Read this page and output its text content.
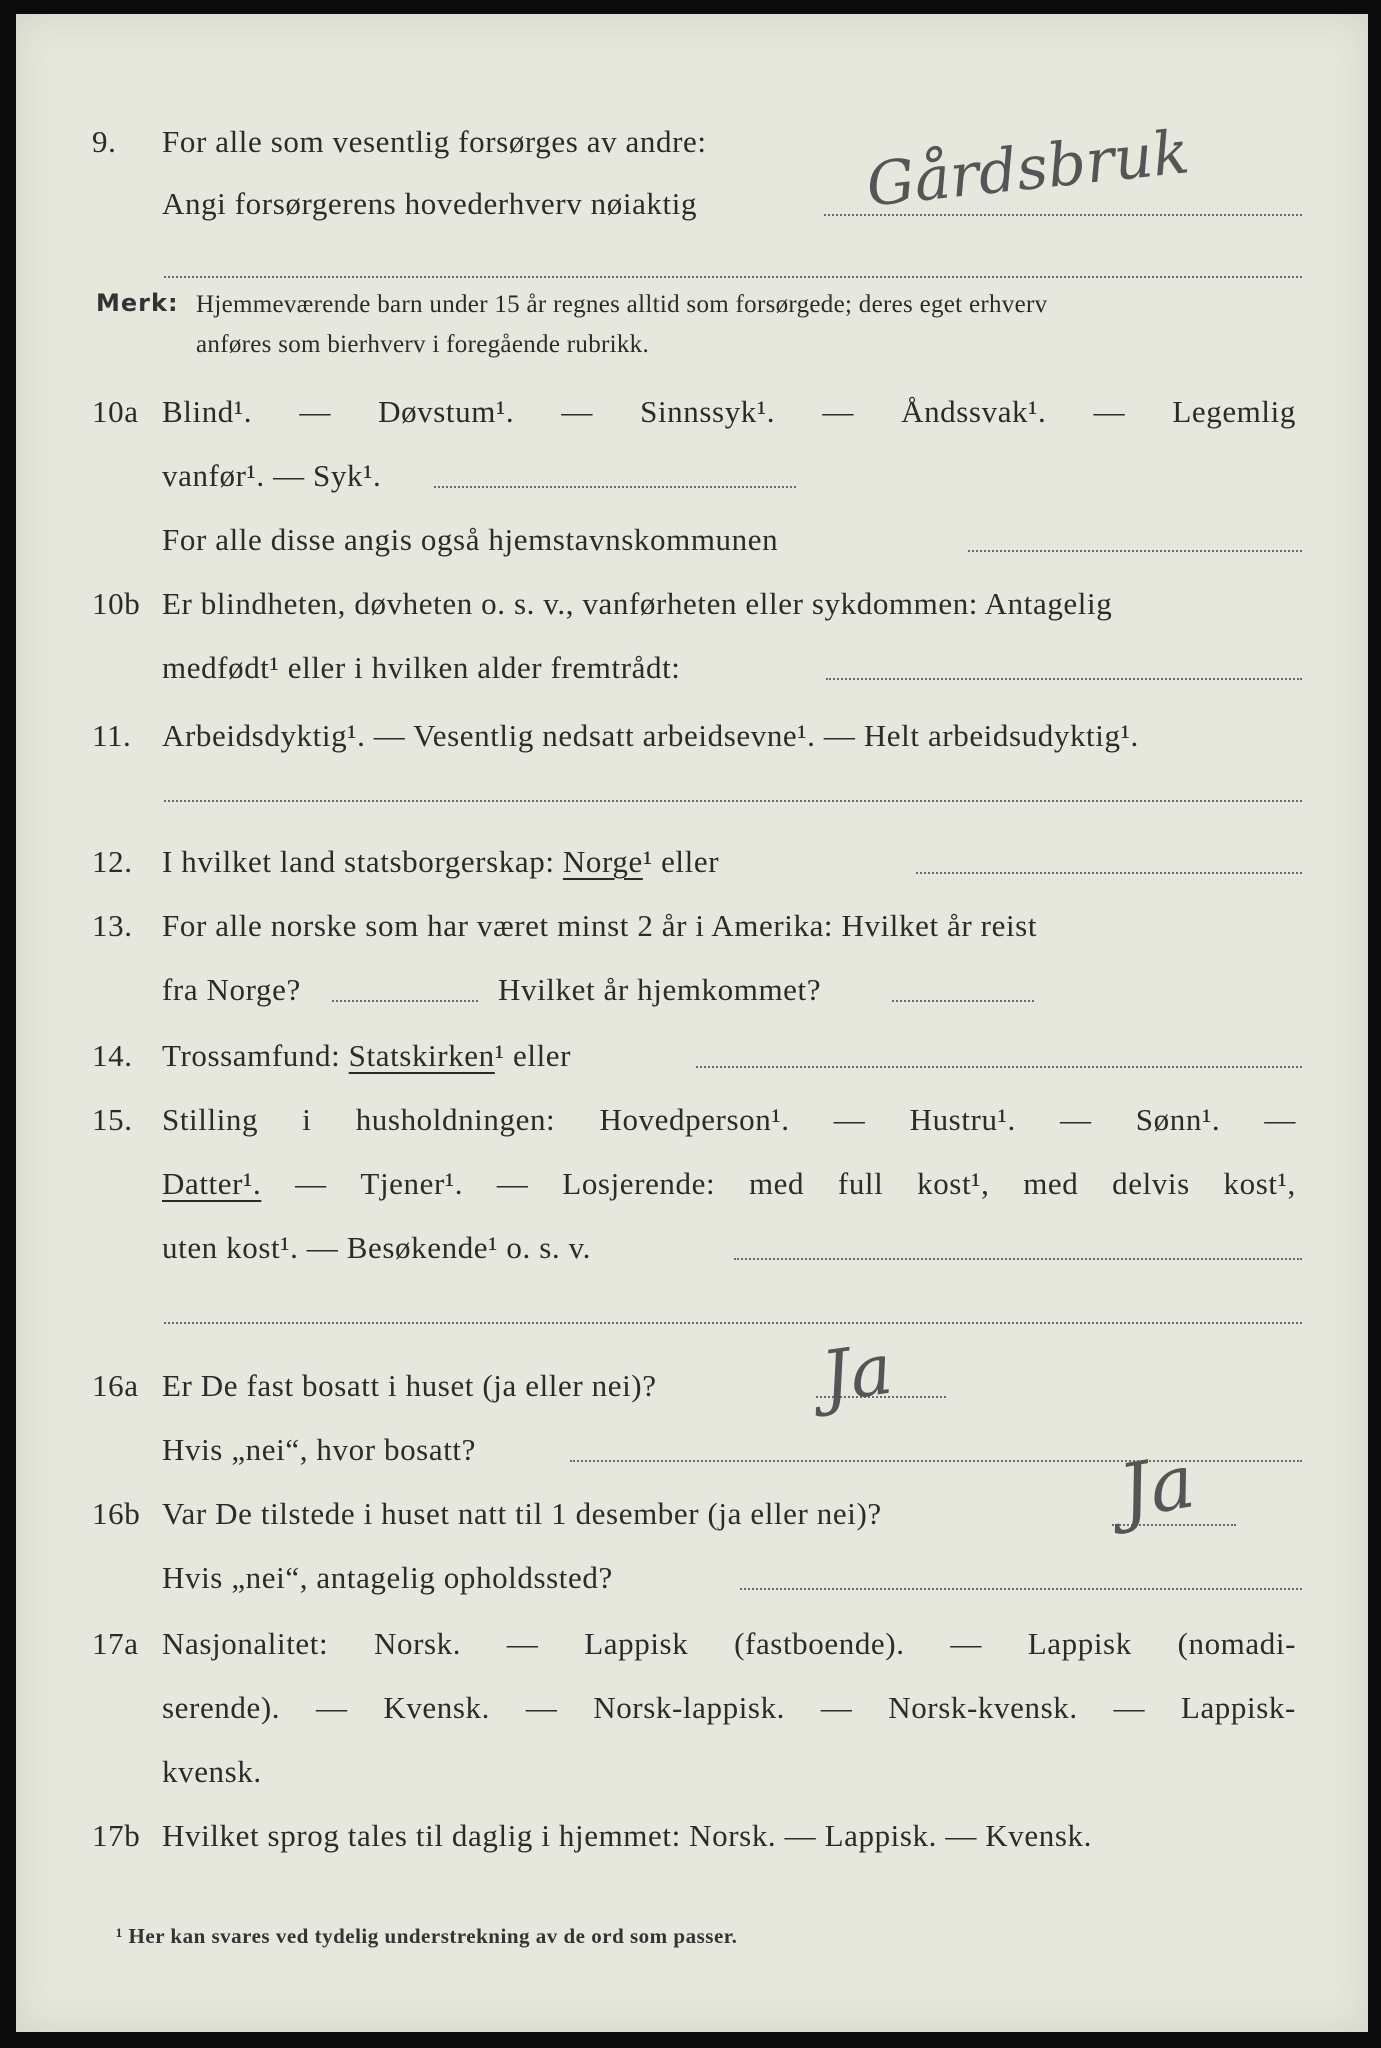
9. For alle som vesentlig forsørges av andre:
Angi forsørgerens hovederhverv nøiaktig	Gårdsbruk
Merk: Hjemmeværende barn under 15 år regnes alltid som forsørgede; deres eget erhverv
anføres som bierhverv i foregående rubrikk.
10a Blind¹. — Døvstum¹. — Sinnssyk¹. — Åndssvak¹. — Legemlig
vanfør¹. — Syk¹.
For alle disse angis også hjemstavnskommunen
10b Er blindheten, døvheten o. s. v., vanførheten eller sykdommen: Antagelig
medfødt¹ eller i hvilken alder fremtrådt:
11. Arbeidsdyktig¹. — Vesentlig nedsatt arbeidsevne¹. — Helt arbeidsudyktig¹.
12. I hvilket land statsborgerskap: Norge¹ eller
13. For alle norske som har været minst 2 år i Amerika: Hvilket år reist
fra Norge?	Hvilket år hjemkommet?
14. Trossamfund: Statskirken¹ eller
15. Stilling i husholdningen: Hovedperson¹. — Hustru¹. — Sønn¹. —
Datter¹. — Tjener¹. — Losjerende: med full kost¹, med delvis kost¹,
uten kost¹. — Besøkende¹ o. s. v.
16a Er De fast bosatt i huset (ja eller nei)? Ja
Hvis „nei“, hvor bosatt?
16b Var De tilstede i huset natt til 1 desember (ja eller nei)?	Ja
Hvis „nei“, antagelig opholdssted?
17a Nasjonalitet: Norsk. — Lappisk (fastboende). — Lappisk (nomadi-
serende). — Kvensk. — Norsk-lappisk. — Norsk-kvensk. — Lappisk-
kvensk.
17b Hvilket sprog tales til daglig i hjemmet: Norsk. — Lappisk. — Kvensk.
¹ Her kan svares ved tydelig understrekning av de ord som passer.
